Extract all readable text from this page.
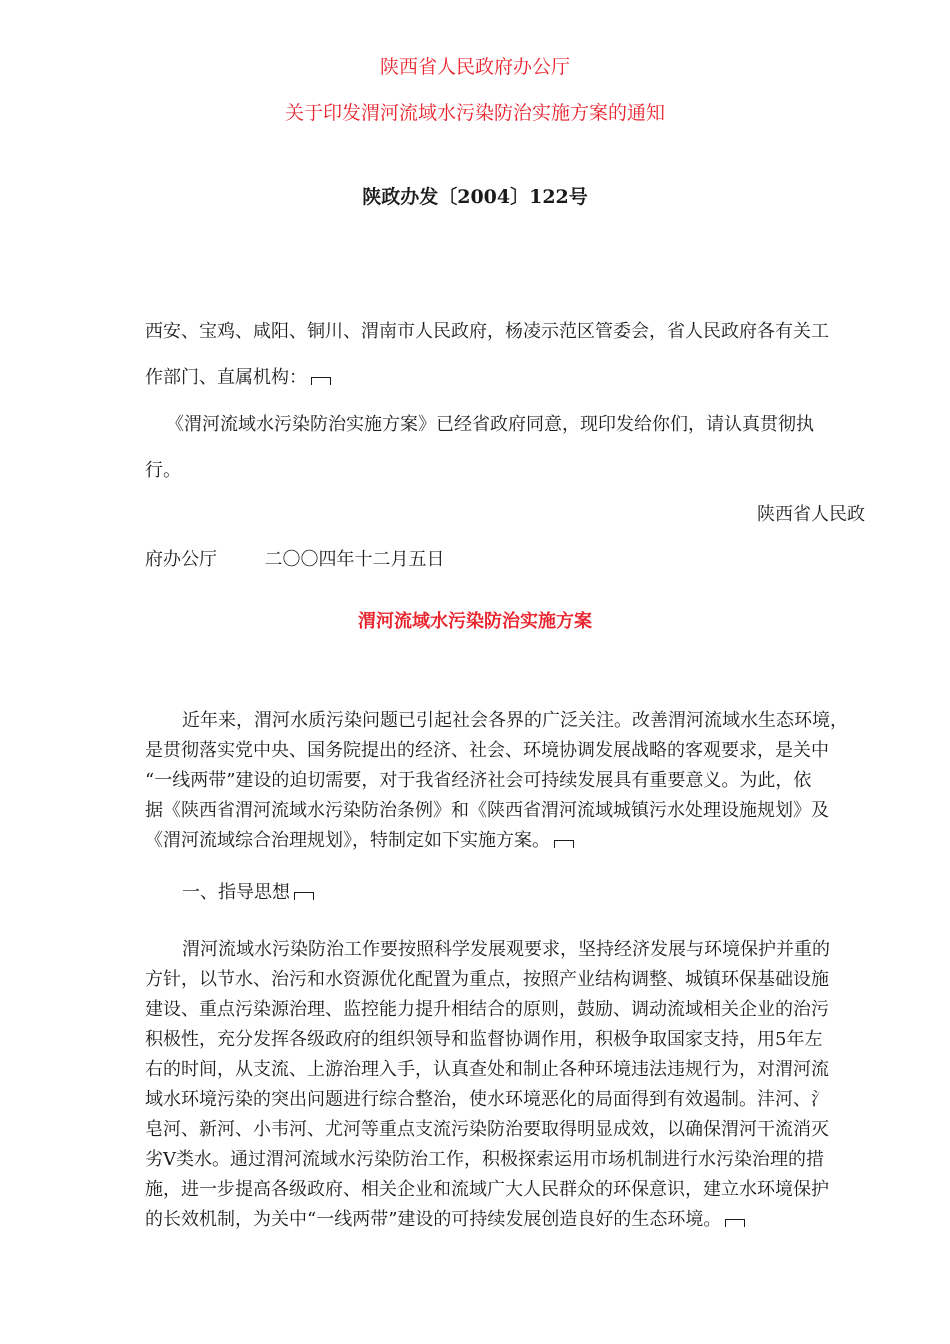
陕西省人民政府办公厅
关于印发渭河流域水污染防治实施方案的通知
陕政办发〔2004〕122号
西安、宝鸡、咸阳、铜川、渭南市人民政府，杨凌示范区管委会，省人民政府各有关工
作部门、直属机构：
《渭河流域水污染防治实施方案》已经省政府同意，现印发给你们，请认真贯彻执
行。
陕西省人民政
府办公厅	二〇〇四年十二月五日
渭河流域水污染防治实施方案
近年来，渭河水质污染问题已引起社会各界的广泛关注。改善渭河流域水生态环境，
是贯彻落实党中央、国务院提出的经济、社会、环境协调发展战略的客观要求，是关中
“一线两带”建设的迫切需要，对于我省经济社会可持续发展具有重要意义。为此，依
据《陕西省渭河流域水污染防治条例》和《陕西省渭河流域城镇污水处理设施规划》及
《渭河流域综合治理规划》，特制定如下实施方案。
一、指导思想
渭河流域水污染防治工作要按照科学发展观要求，坚持经济发展与环境保护并重的
方针，以节水、治污和水资源优化配置为重点，按照产业结构调整、城镇环保基础设施
建设、重点污染源治理、监控能力提升相结合的原则，鼓励、调动流域相关企业的治污
积极性，充分发挥各级政府的组织领导和监督协调作用，积极争取国家支持，用5年左
右的时间，从支流、上游治理入手，认真查处和制止各种环境违法违规行为，对渭河流
域水环境污染的突出问题进行综合整治，使水环境恶化的局面得到有效遏制。沣河、氵
皂河、新河、小韦河、尤河等重点支流污染防治要取得明显成效，以确保渭河干流消灭
劣Ⅴ类水。通过渭河流域水污染防治工作，积极探索运用市场机制进行水污染治理的措
施，进一步提高各级政府、相关企业和流域广大人民群众的环保意识，建立水环境保护
的长效机制，为关中“一线两带”建设的可持续发展创造良好的生态环境。
